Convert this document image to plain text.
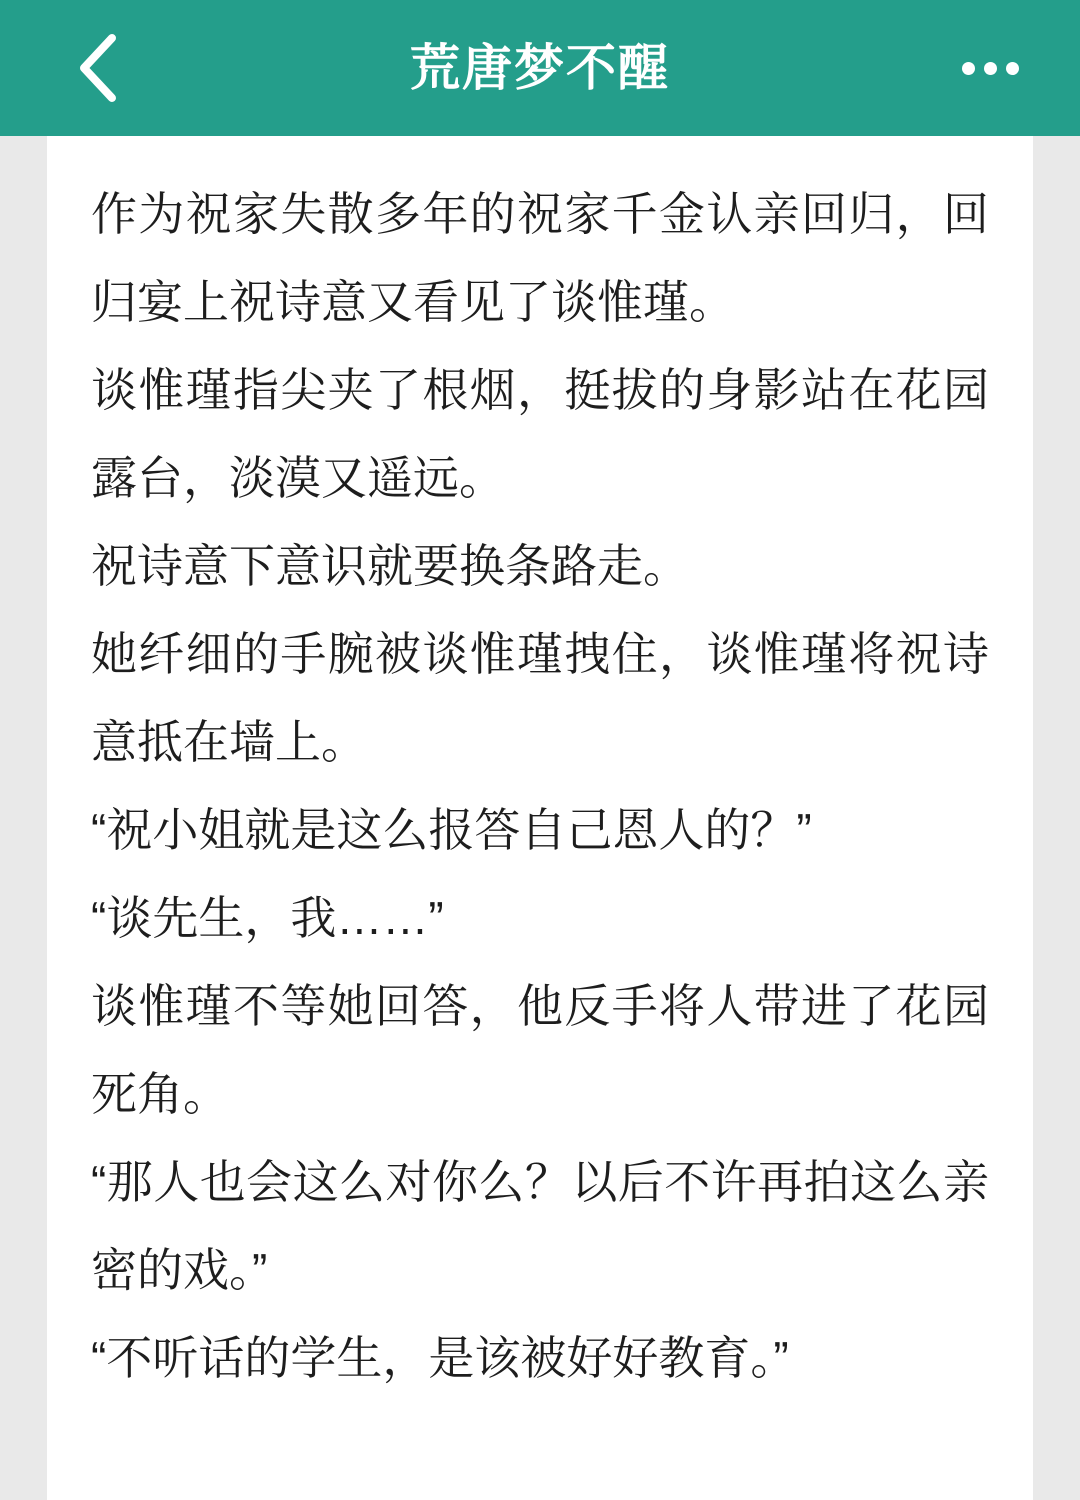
荒唐梦不醒

作为祝家失散多年的祝家千金认亲回归，回归宴上祝诗意又看见了谈惟瑾。

谈惟瑾指尖夹了根烟，挺拔的身影站在花园露台，淡漠又遥远。

祝诗意下意识就要换条路走。

她纤细的手腕被谈惟瑾拽住，谈惟瑾将祝诗意抵在墙上。

“祝小姐就是这么报答自己恩人的？”

“谈先生，我……”

谈惟瑾不等她回答，他反手将人带进了花园死角。

“那人也会这么对你么？以后不许再拍这么亲密的戏。”

“不听话的学生，是该被好好教育。”
